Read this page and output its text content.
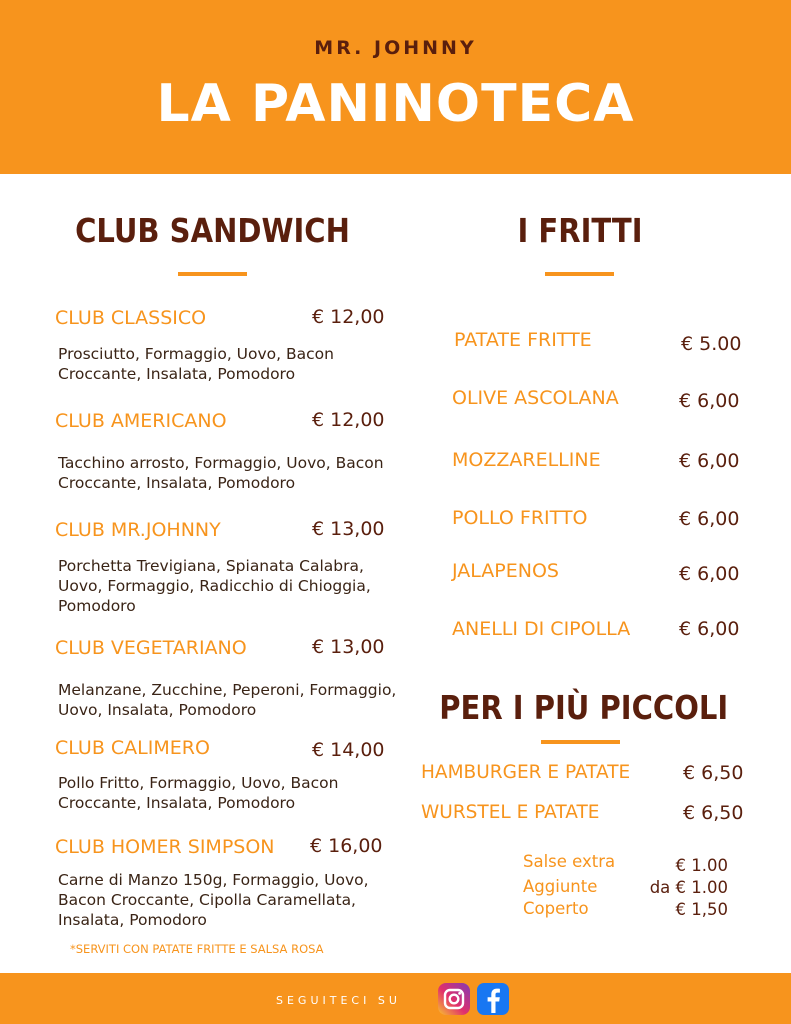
MR. JOHNNY
LA PANINOTECA
CLUB SANDWICH
CLUB CLASSICO	€ 12,00
Prosciutto, Formaggio, Uovo, Bacon Croccante, Insalata, Pomodoro
CLUB AMERICANO	€ 12,00
Tacchino arrosto, Formaggio, Uovo, Bacon Croccante, Insalata, Pomodoro
CLUB MR.JOHNNY	€ 13,00
Porchetta Trevigiana, Spianata Calabra, Uovo, Formaggio, Radicchio di Chioggia, Pomodoro
CLUB VEGETARIANO	€ 13,00
Melanzane, Zucchine, Peperoni, Formaggio, Uovo, Insalata, Pomodoro
CLUB CALIMERO	€ 14,00
Pollo Fritto, Formaggio, Uovo, Bacon Croccante, Insalata, Pomodoro
CLUB HOMER SIMPSON € 16,00
Carne di Manzo 150g, Formaggio, Uovo, Bacon Croccante, Cipolla Caramellata, Insalata, Pomodoro
*SERVITI CON PATATE FRITTE E SALSA ROSA
I FRITTI
PATATE FRITTE	€ 5.00
OLIVE ASCOLANA	€ 6,00
MOZZARELLINE	€ 6,00
POLLO FRITTO	€ 6,00
JALAPENOS	€ 6,00
ANELLI DI CIPOLLA	€ 6,00
PER I PIÙ PICCOLI
HAMBURGER E PATATE	€ 6,50
WURSTEL E PATATE	€ 6,50
Salse extra	€ 1.00
Aggiunte	da € 1.00
Coperto	€ 1,50
SEGUITECI SU
